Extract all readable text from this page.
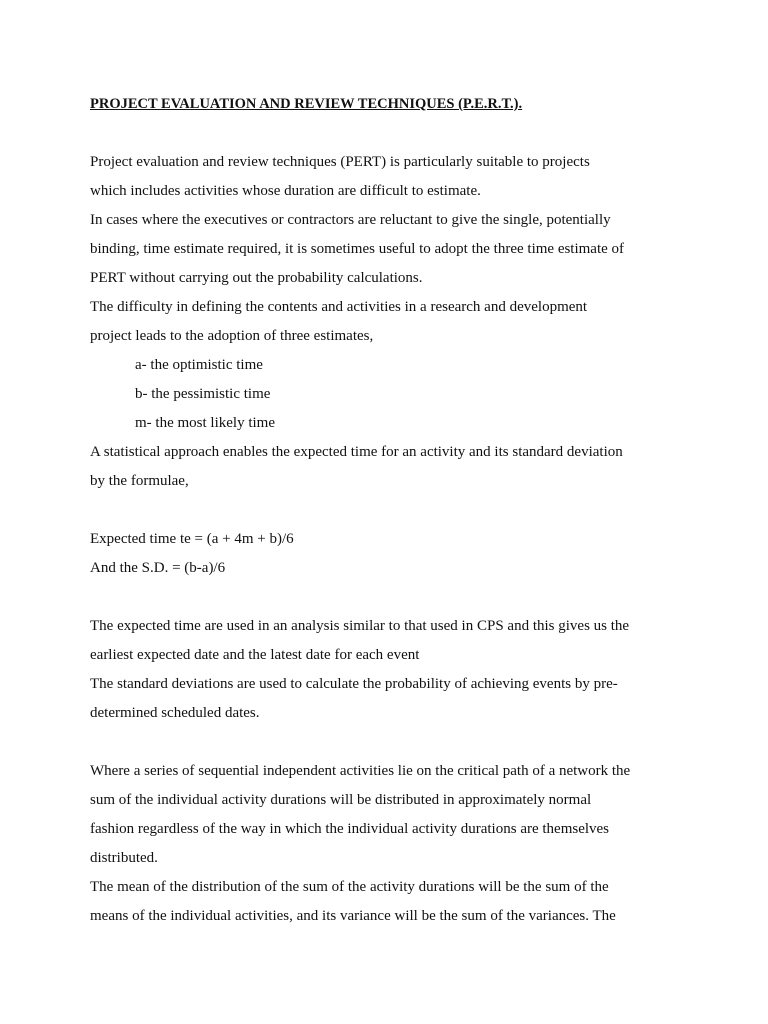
PROJECT EVALUATION AND REVIEW TECHNIQUES (P.E.R.T.).
Project evaluation and review techniques (PERT) is particularly suitable to projects
which includes activities whose duration are difficult to estimate.
In cases where the executives or contractors are reluctant to give the single, potentially
binding, time estimate required, it is sometimes useful to adopt the three time estimate of
PERT without carrying out the probability calculations.
The difficulty in defining the contents and activities in a research and development
project leads to the adoption of three estimates,
a- the optimistic time
b- the pessimistic time
m- the most likely time
A statistical approach enables the expected time for an activity and its standard deviation
by the formulae,
Expected time te = (a + 4m + b)/6
And the S.D. = (b-a)/6
The expected time are used in an analysis similar to that used in CPS and this gives us the
earliest expected date and the latest date for each event
The standard deviations are used to calculate the probability of achieving events by pre-
determined scheduled dates.
Where a series of sequential independent activities lie on the critical path of a network the
sum of the individual activity durations will be distributed in approximately normal
fashion regardless of the way in which the individual activity durations are themselves
distributed.
The mean of the distribution of the sum of the activity durations will be the sum of the
means of the individual activities, and its variance will be the sum of the variances. The
